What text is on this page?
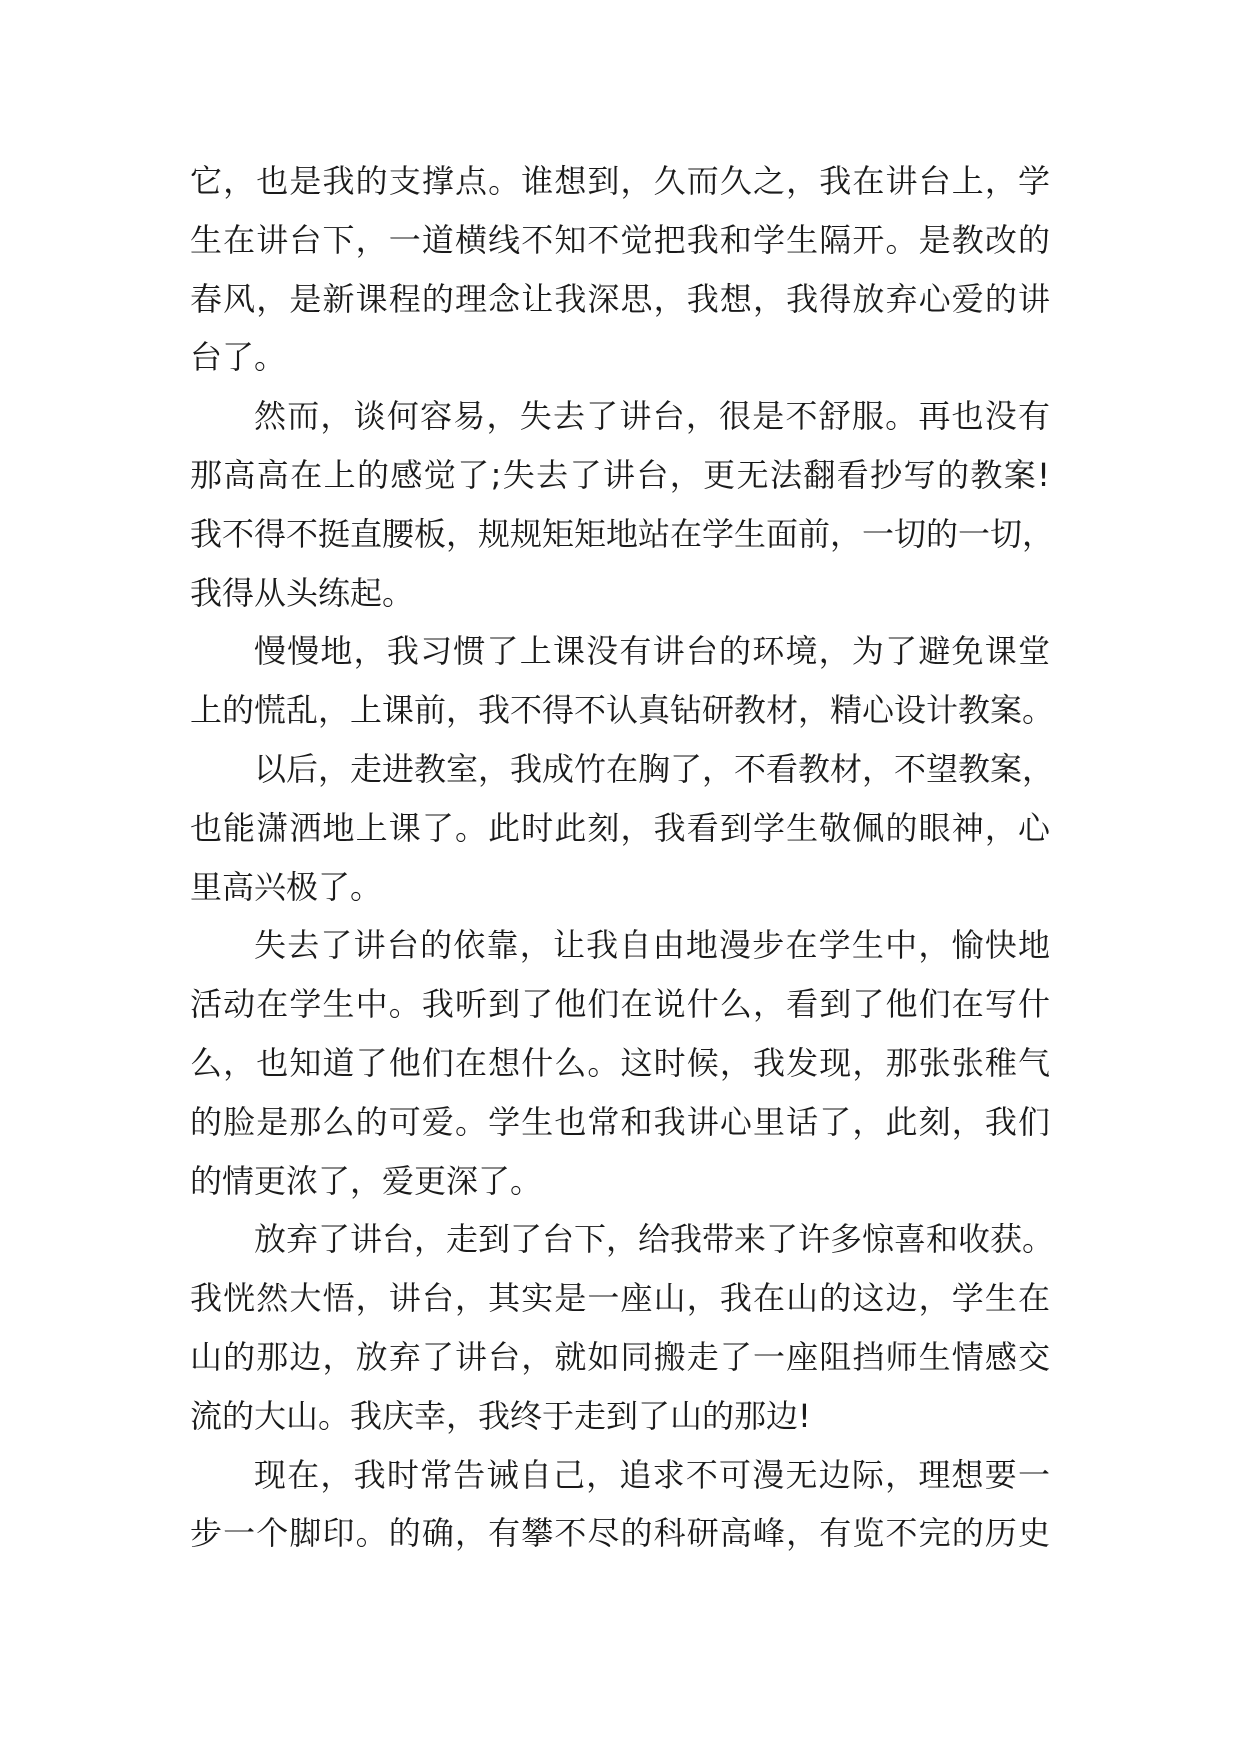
它，也是我的支撑点。谁想到，久而久之，我在讲台上，学
生在讲台下，一道横线不知不觉把我和学生隔开。是教改的
春风，是新课程的理念让我深思，我想，我得放弃心爱的讲
台了。
然而，谈何容易，失去了讲台，很是不舒服。再也没有
那高高在上的感觉了;失去了讲台，更无法翻看抄写的教案!
我不得不挺直腰板，规规矩矩地站在学生面前，一切的一切，
我得从头练起。
慢慢地，我习惯了上课没有讲台的环境，为了避免课堂
上的慌乱，上课前，我不得不认真钻研教材，精心设计教案。
以后，走进教室，我成竹在胸了，不看教材，不望教案，
也能潇洒地上课了。此时此刻，我看到学生敬佩的眼神，心
里高兴极了。
失去了讲台的依靠，让我自由地漫步在学生中，愉快地
活动在学生中。我听到了他们在说什么，看到了他们在写什
么，也知道了他们在想什么。这时候，我发现，那张张稚气
的脸是那么的可爱。学生也常和我讲心里话了，此刻，我们
的情更浓了，爱更深了。
放弃了讲台，走到了台下，给我带来了许多惊喜和收获。
我恍然大悟，讲台，其实是一座山，我在山的这边，学生在
山的那边，放弃了讲台，就如同搬走了一座阻挡师生情感交
流的大山。我庆幸，我终于走到了山的那边!
现在，我时常告诫自己，追求不可漫无边际，理想要一
步一个脚印。的确，有攀不尽的科研高峰，有览不完的历史
